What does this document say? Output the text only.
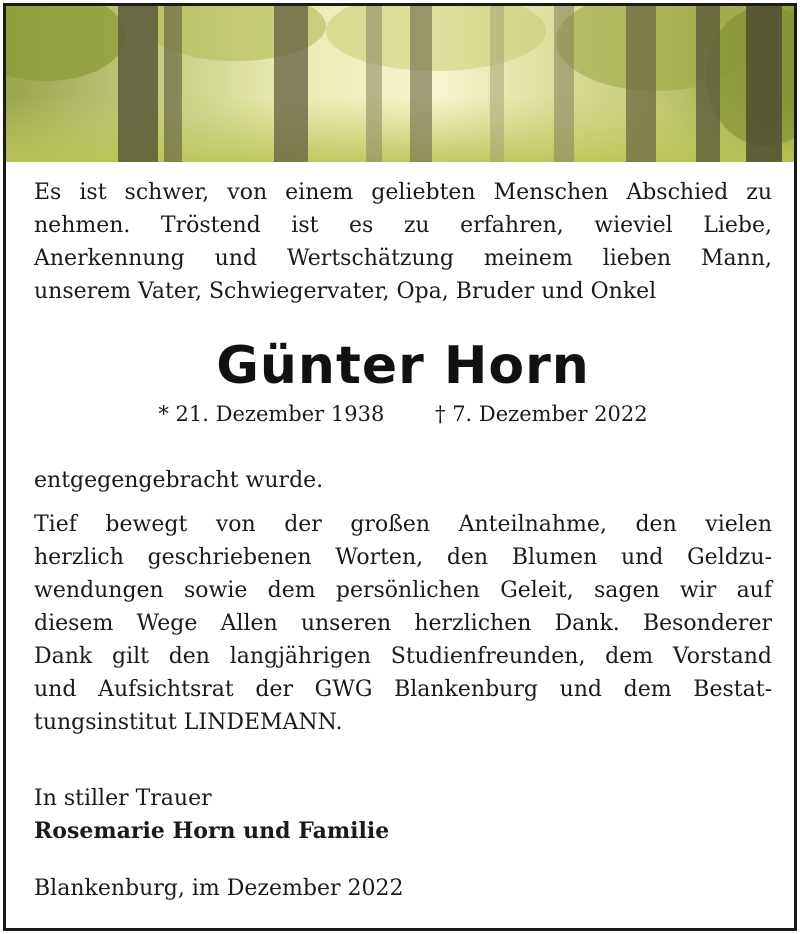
Es ist schwer, von einem geliebten Menschen Abschied zu
nehmen. Tröstend ist es zu erfahren, wieviel Liebe,
Anerkennung und Wertschätzung meinem lieben Mann,
unserem Vater, Schwiegervater, Opa, Bruder und Onkel

Günter Horn
* 21. Dezember 1938 † 7. Dezember 2022

entgegengebracht wurde.

Tief bewegt von der großen Anteilnahme, den vielen
herzlich geschriebenen Worten, den Blumen und Geldzu-
wendungen sowie dem persönlichen Geleit, sagen wir auf
diesem Wege Allen unseren herzlichen Dank. Besonderer
Dank gilt den langjährigen Studienfreunden, dem Vorstand
und Aufsichtsrat der GWG Blankenburg und dem Bestat-
tungsinstitut LINDEMANN.

In stiller Trauer

Rosemarie Horn und Familie

Blankenburg, im Dezember 2022
